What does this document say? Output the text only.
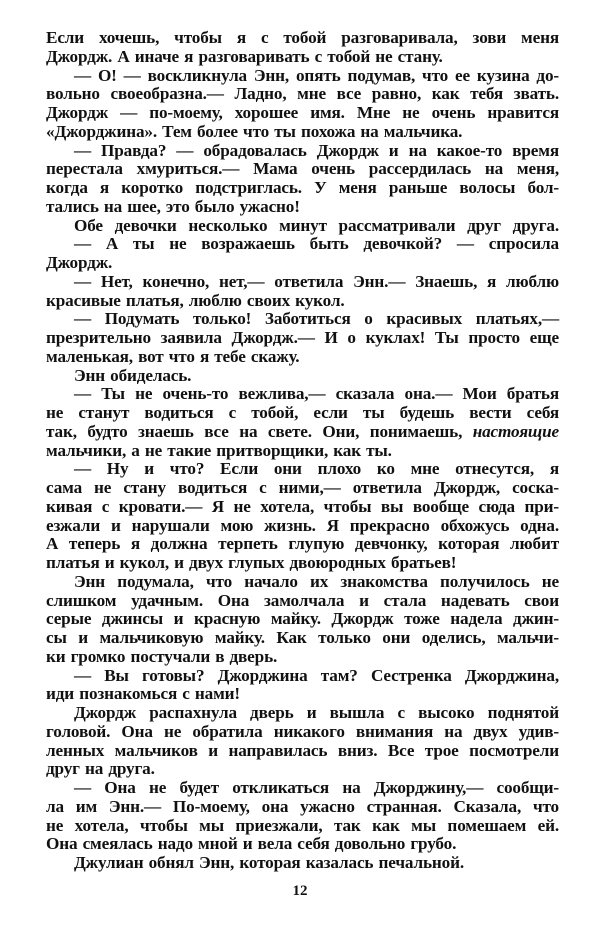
Если хочешь, чтобы я с тобой разговаривала, зови меня
Джордж. А иначе я разговаривать с тобой не стану.
— О! — воскликнула Энн, опять подумав, что ее кузина до-
вольно своеобразна.— Ладно, мне все равно, как тебя звать.
Джордж — по-моему, хорошее имя. Мне не очень нравится
«Джорджина». Тем более что ты похожа на мальчика.
— Правда? — обрадовалась Джордж и на какое-то время
перестала хмуриться.— Мама очень рассердилась на меня,
когда я коротко подстриглась. У меня раньше волосы бол-
тались на шее, это было ужасно!
Обе девочки несколько минут рассматривали друг друга.
— А ты не возражаешь быть девочкой? — спросила
Джордж.
— Нет, конечно, нет,— ответила Энн.— Знаешь, я люблю
красивые платья, люблю своих кукол.
— Подумать только! Заботиться о красивых платьях,—
презрительно заявила Джордж.— И о куклах! Ты просто еще
маленькая, вот что я тебе скажу.
Энн обиделась.
— Ты не очень-то вежлива,— сказала она.— Мои братья
не станут водиться с тобой, если ты будешь вести себя
так, будто знаешь все на свете. Они, понимаешь, настоящие
мальчики, а не такие притворщики, как ты.
— Ну и что? Если они плохо ко мне отнесутся, я
сама не стану водиться с ними,— ответила Джордж, соска-
кивая с кровати.— Я не хотела, чтобы вы вообще сюда при-
езжали и нарушали мою жизнь. Я прекрасно обхожусь одна.
А теперь я должна терпеть глупую девчонку, которая любит
платья и кукол, и двух глупых двоюродных братьев!
Энн подумала, что начало их знакомства получилось не
слишком удачным. Она замолчала и стала надевать свои
серые джинсы и красную майку. Джордж тоже надела джин-
сы и мальчиковую майку. Как только они оделись, мальчи-
ки громко постучали в дверь.
— Вы готовы? Джорджина там? Сестренка Джорджина,
иди познакомься с нами!
Джордж распахнула дверь и вышла с высоко поднятой
головой. Она не обратила никакого внимания на двух удив-
ленных мальчиков и направилась вниз. Все трое посмотрели
друг на друга.
— Она не будет откликаться на Джорджину,— сообщи-
ла им Энн.— По-моему, она ужасно странная. Сказала, что
не хотела, чтобы мы приезжали, так как мы помешаем ей.
Она смеялась надо мной и вела себя довольно грубо.
Джулиан обнял Энн, которая казалась печальной.
12
